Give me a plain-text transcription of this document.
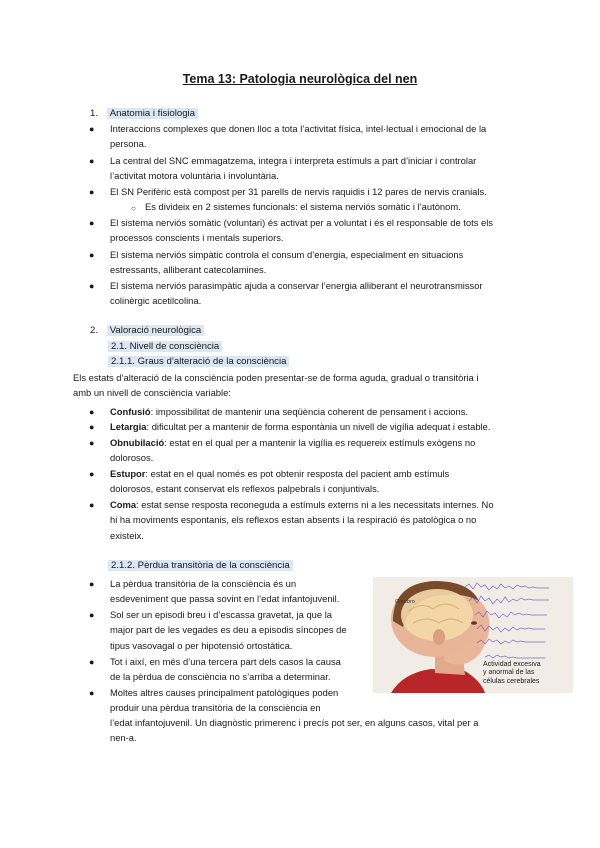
Tema 13: Patologia neurològica del nen
1. Anatomia i fisiologia
● Interaccions complexes que donen lloc a tota l’activitat física, intel·lectual i emocional de la
persona.
● La central del SNC emmagatzema, integra i interpreta estímuls a part d’iniciar i controlar
l’activitat motora voluntària i involuntària.
● El SN Perifèric està compost per 31 parells de nervis raquidis i 12 pares de nervis cranials.
○ Es divideix en 2 sistemes funcionals: el sistema nerviós somàtic i l’autònom.
● El sistema nerviós somàtic (voluntari) és activat per a voluntat i és el responsable de tots els
processos conscients i mentals superiors.
● El sistema nerviós simpàtic controla el consum d’energia, especialment en situacions
estressants, alliberant catecolamines.
● El sistema nerviós parasimpàtic ajuda a conservar l’energia alliberant el neurotransmissor
colinèrgic acetilcolina.
2. Valoració neurològica
2.1. Nivell de consciència
2.1.1. Graus d’alteració de la consciència
Els estats d’alteració de la consciència poden presentar-se de forma aguda, gradual o transitòria i
amb un nivell de consciència variable:
● Confusió: impossibilitat de mantenir una seqüència coherent de pensament i accions.
● Letargia: dificultat per a mantenir de forma espontània un nivell de vigília adequat i estable.
● Obnubilació: estat en el qual per a mantenir la vigília es requereix estímuls exògens no
dolorosos.
● Estupor: estat en el qual només es pot obtenir resposta del pacient amb estímuls
dolorosos, estant conservat els reflexos palpebrals i conjuntivals.
● Coma: estat sense resposta reconeguda a estímuls externs ni a les necessitats internes. No
hi ha moviments espontanis, els reflexos estan absents i la respiració és patològica o no
existeix.
2.1.2. Pèrdua transitòria de la consciència
● La pèrdua transitòria de la consciència és un
esdeveniment que passa sovint en l’edat infantojuvenil.
● Sol ser un episodi breu i d’escassa gravetat, ja que la
major part de les vegades es deu a episodis síncopes de
tipus vasovagal o per hipotensió ortostàtica.
● Tot i així, en més d’una tercera part dels casos la causa
de la pèrdua de consciència no s’arriba a determinar.
● Moltes altres causes principalment patològiques poden
produir una pèrdua transitòria de la consciència en
l’edat infantojuvenil. Un diagnòstic primerenc i precís pot ser, en alguns casos, vital per a
nen-a.
Cerebro
Actividad excesiva
y anormal de las
células cerebrales
